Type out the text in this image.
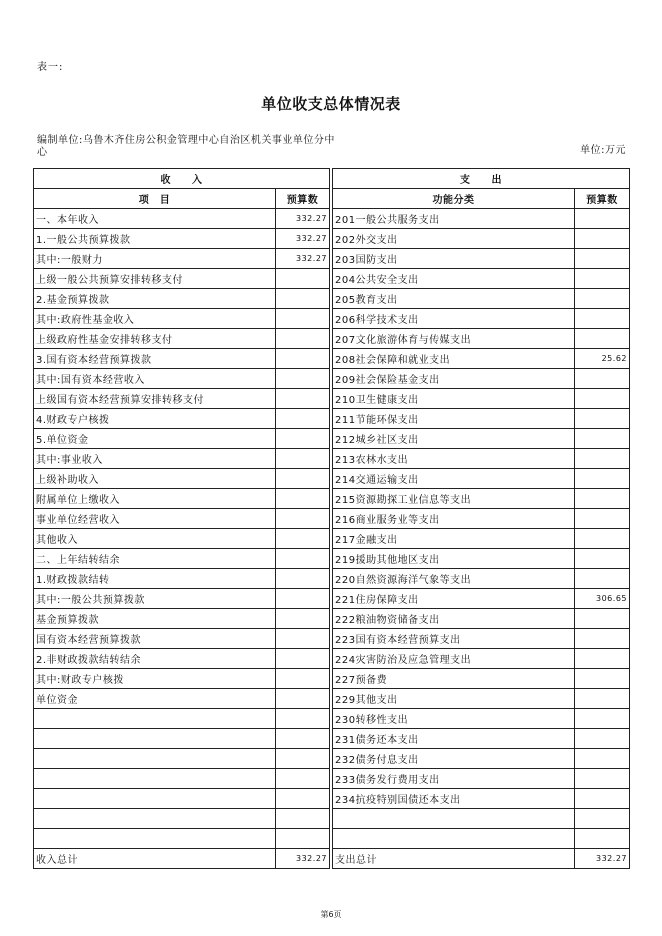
表一:
单位收支总体情况表
编制单位:乌鲁木齐住房公积金管理中心自治区机关事业单位分中心	单位:万元
收　　入			支　　出	
项　目	预算数		功能分类	预算数
一、本年收入	332.27		201一般公共服务支出	
1.一般公共预算拨款	332.27		202外交支出	
其中:一般财力	332.27		203国防支出	
上级一般公共预算安排转移支付			204公共安全支出	
2.基金预算拨款			205教育支出	
其中:政府性基金收入			206科学技术支出	
上级政府性基金安排转移支付			207文化旅游体育与传媒支出	
3.国有资本经营预算拨款			208社会保障和就业支出	25.62
其中:国有资本经营收入			209社会保险基金支出	
上级国有资本经营预算安排转移支付			210卫生健康支出	
4.财政专户核拨			211节能环保支出	
5.单位资金			212城乡社区支出	
其中:事业收入			213农林水支出	
上级补助收入			214交通运输支出	
附属单位上缴收入			215资源勘探工业信息等支出	
事业单位经营收入			216商业服务业等支出	
其他收入			217金融支出	
二、上年结转结余			219援助其他地区支出	
1.财政拨款结转			220自然资源海洋气象等支出	
其中:一般公共预算拨款			221住房保障支出	306.65
基金预算拨款			222粮油物资储备支出	
国有资本经营预算拨款			223国有资本经营预算支出	
2.非财政拨款结转结余			224灾害防治及应急管理支出	
其中:财政专户核拨			227预备费	
单位资金			229其他支出	
			230转移性支出	
			231债务还本支出	
			232债务付息支出	
			233债务发行费用支出	
			234抗疫特别国债还本支出	

收入总计	332.27		支出总计	332.27
第6页
